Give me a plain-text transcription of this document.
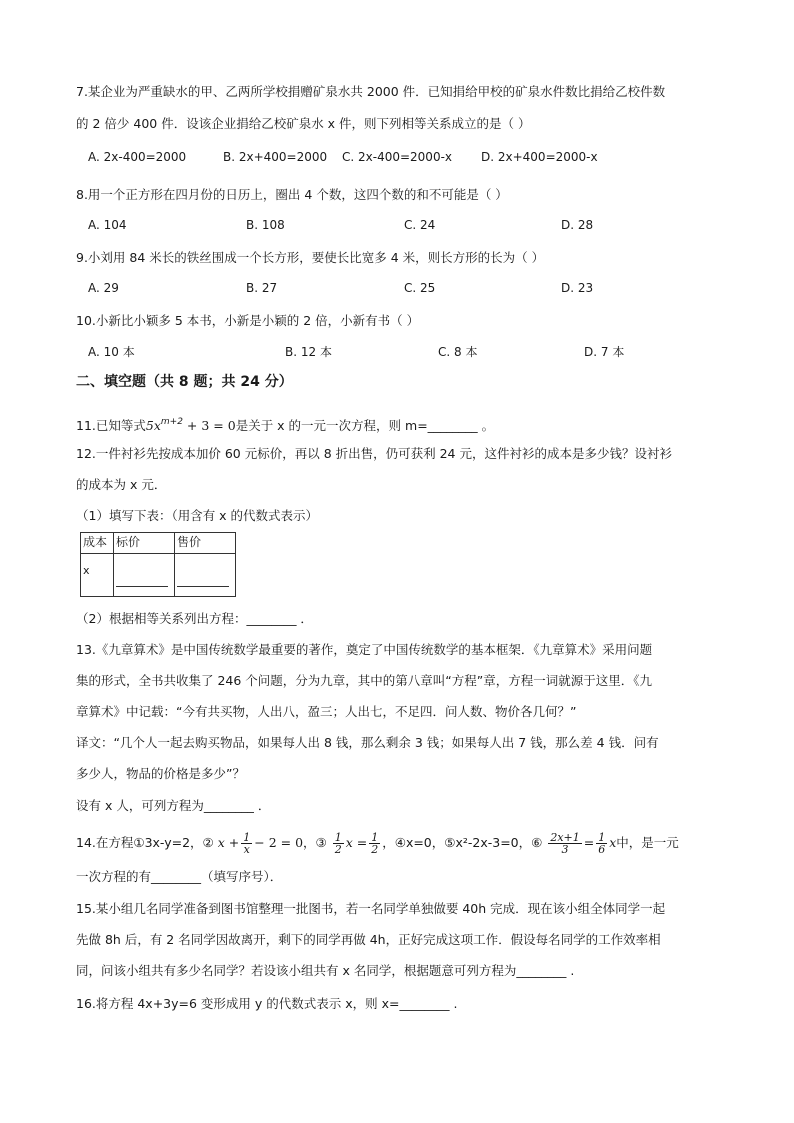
7.某企业为严重缺水的甲、乙两所学校捐赠矿泉水共 2000 件．已知捐给甲校的矿泉水件数比捐给乙校件数
的 2 倍少 400 件．设该企业捐给乙校矿泉水 x 件，则下列相等关系成立的是（ ）
A. 2x-400=2000	B. 2x+400=2000 C. 2x-400=2000-x D. 2x+400=2000-x
8.用一个正方形在四月份的日历上，圈出 4 个数，这四个数的和不可能是（ ）
A. 104	B. 108	C. 24	D. 28
9.小刘用 84 米长的铁丝围成一个长方形，要使长比宽多 4 米，则长方形的长为（ ）
A. 29	B. 27	C. 25	D. 23
10.小新比小颖多 5 本书，小新是小颖的 2 倍，小新有书（ ）
A. 10 本	B. 12 本	C. 8 本	D. 7 本
二、填空题（共 8 题；共 24 分）
11.已知等式$5x^{m+2} + 3 = 0$是关于 x 的一元一次方程，则 m=________ 。
12.一件衬衫先按成本加价 60 元标价，再以 8 折出售，仍可获利 24 元，这件衬衫的成本是多少钱？设衬衫
的成本为 x 元．
（1）填写下表：（用含有 x 的代数式表示）
成本	标价	售价
x		
（2）根据相等关系列出方程：________ ．
13.《九章算术》是中国传统数学最重要的著作，奠定了中国传统数学的基本框架．《九章算术》采用问题
集的形式，全书共收集了 246 个问题，分为九章，其中的第八章叫“方程”章，方程一词就源于这里．《九
章算术》中记载：“今有共买物，人出八，盈三；人出七，不足四．问人数、物价各几何？”
译文：“几个人一起去购买物品，如果每人出 8 钱，那么剩余 3 钱；如果每人出 7 钱，那么差 4 钱．问有
多少人，物品的价格是多少”？
设有 x 人，可列方程为________ ．
14.在方程①3x-y=2，② $x + \frac{1}{x} - 2 = 0$，③ $\frac{1}{2}$ $x = \frac{1}{2}$ ，④x=0，⑤x²-2x-3=0，⑥ $\frac{2x+1}{3} = \frac{1}{6}$ x中，是一元
一次方程的有________（填写序号）．
15.某小组几名同学准备到图书馆整理一批图书，若一名同学单独做要 40h 完成．现在该小组全体同学一起
先做 8h 后，有 2 名同学因故离开，剩下的同学再做 4h，正好完成这项工作．假设每名同学的工作效率相
同，问该小组共有多少名同学？若设该小组共有 x 名同学，根据题意可列方程为________ .
16.将方程 4x+3y=6 变形成用 y 的代数式表示 x，则 x=________ .
